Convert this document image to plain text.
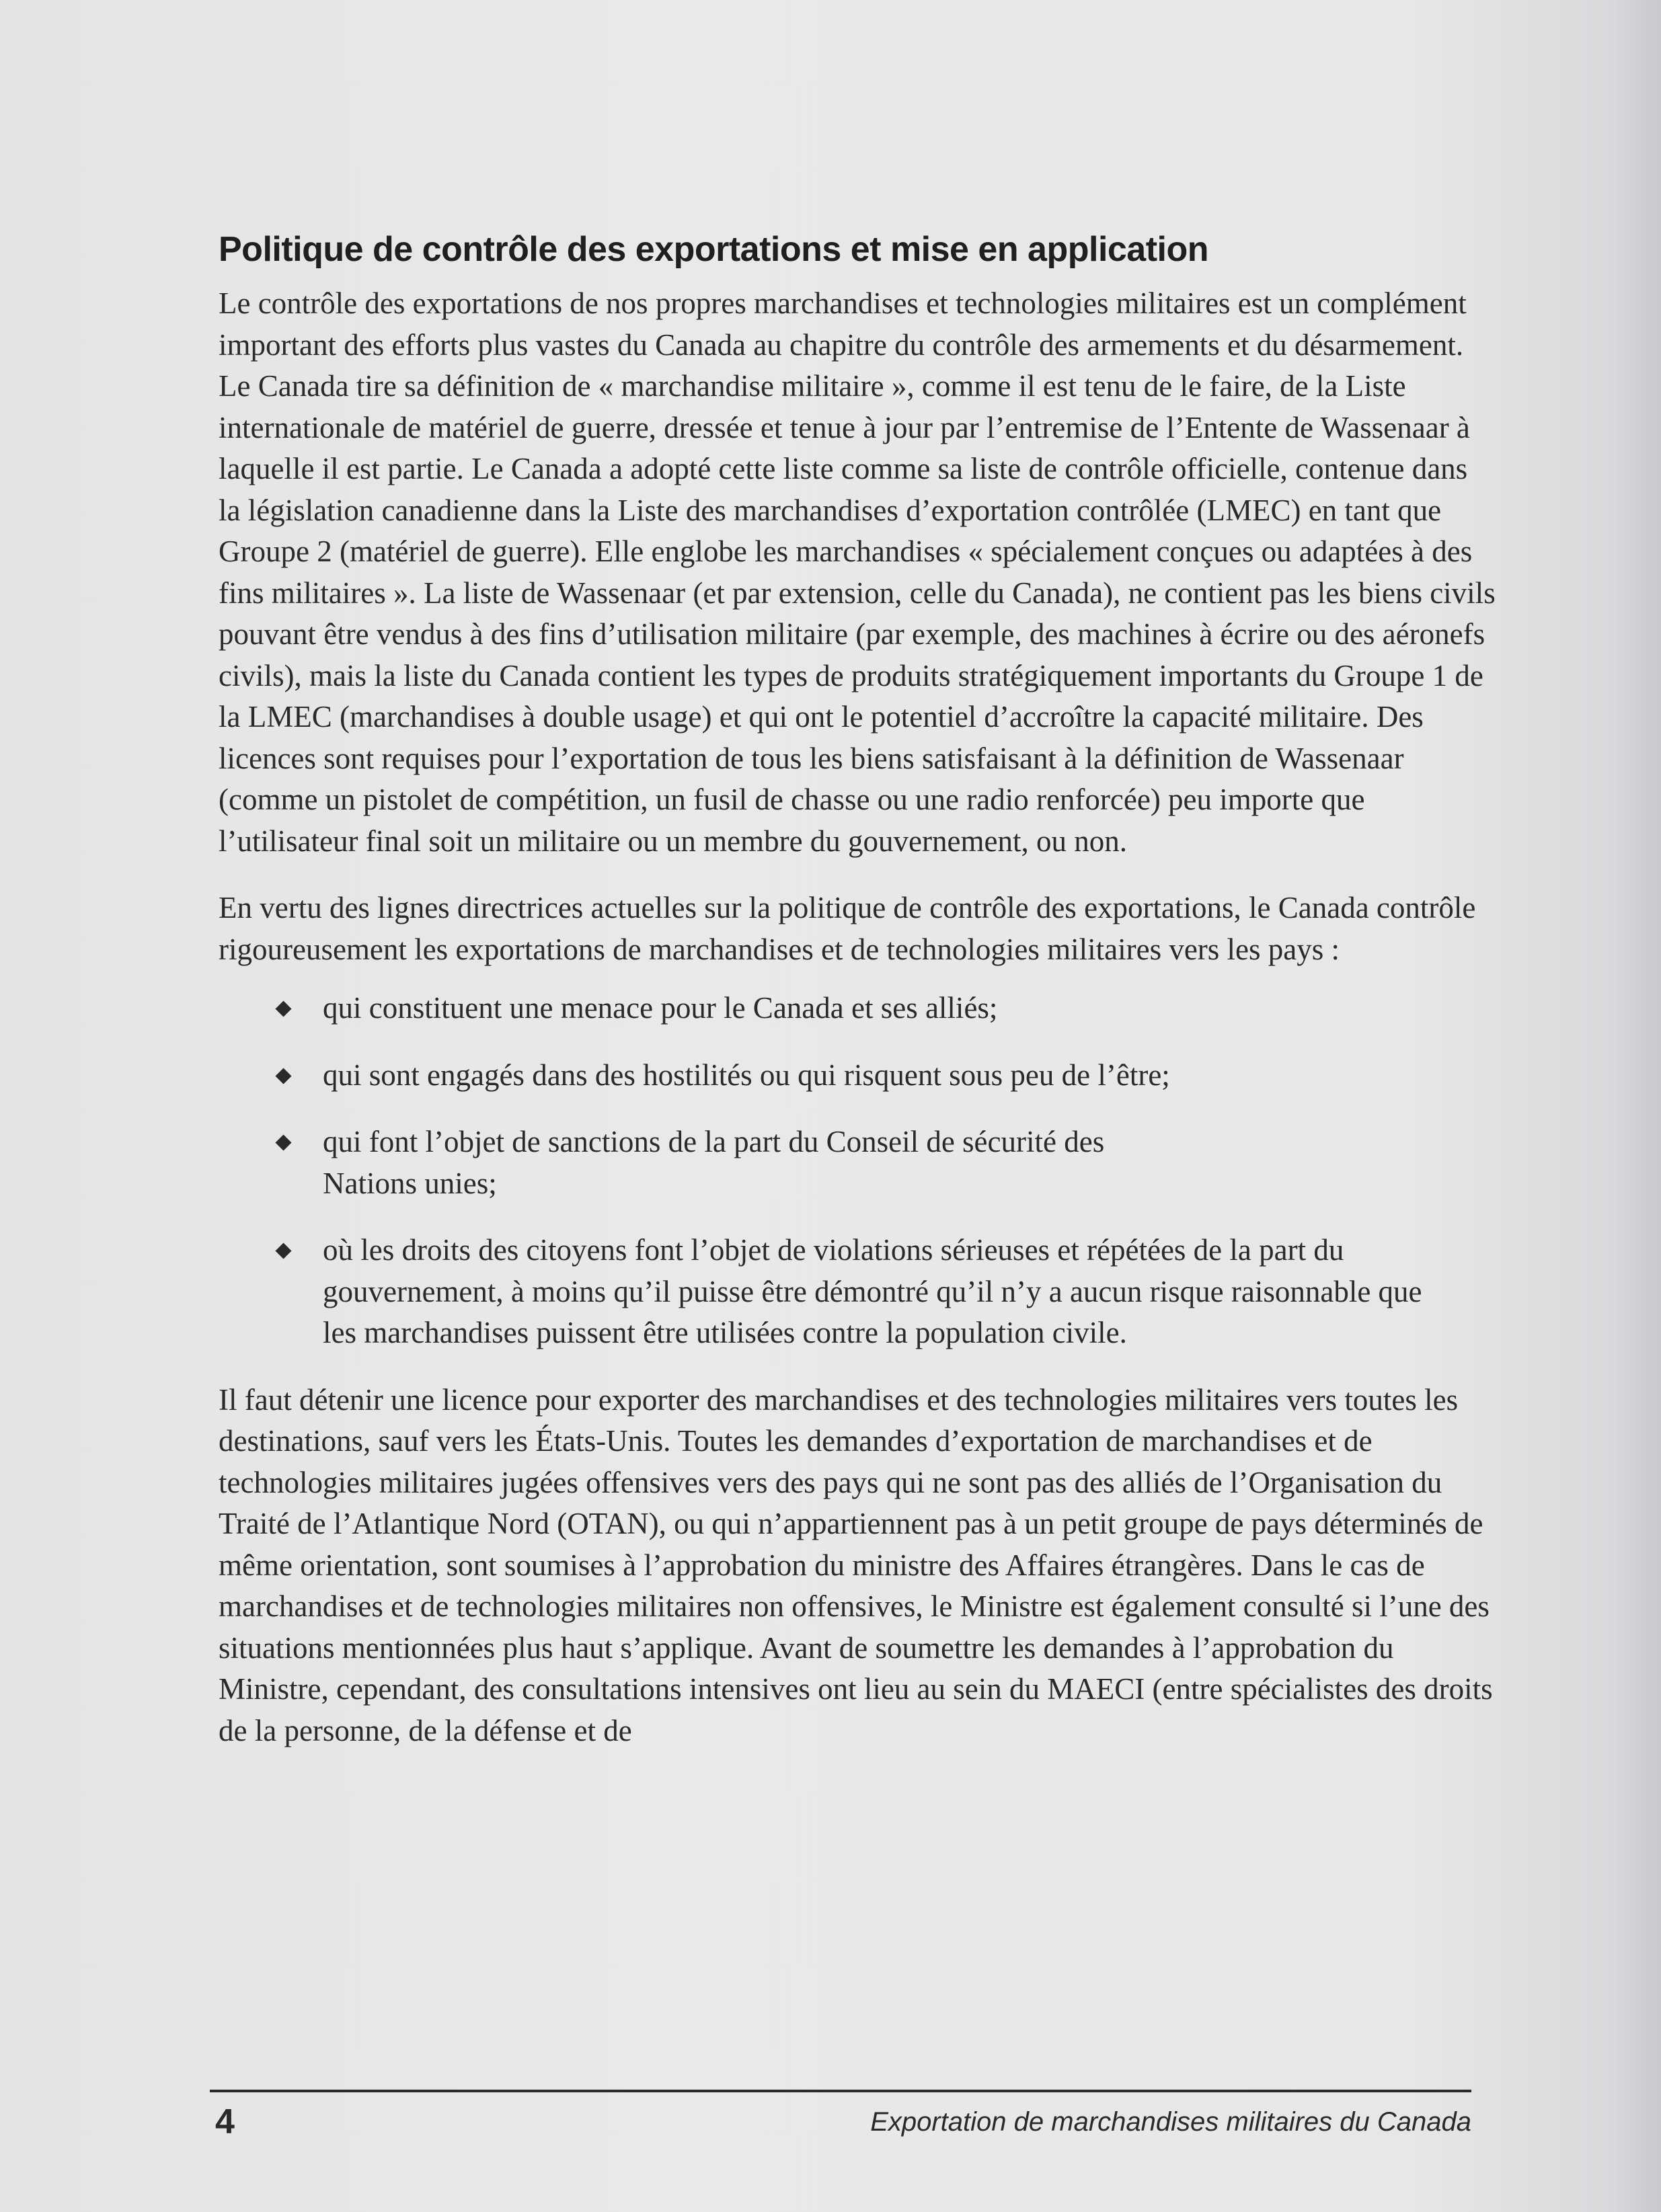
Politique de contrôle des exportations et mise en application

Le contrôle des exportations de nos propres marchandises et technologies militaires est un complément important des efforts plus vastes du Canada au chapitre du contrôle des armements et du désarmement. Le Canada tire sa définition de « marchandise militaire », comme il est tenu de le faire, de la Liste internationale de matériel de guerre, dressée et tenue à jour par l’entremise de l’Entente de Wassenaar à laquelle il est partie. Le Canada a adopté cette liste comme sa liste de contrôle officielle, contenue dans la législation canadienne dans la Liste des marchandises d’exportation contrôlée (LMEC) en tant que Groupe 2 (matériel de guerre). Elle englobe les marchandises « spécialement conçues ou adaptées à des fins militaires ». La liste de Wassenaar (et par extension, celle du Canada), ne contient pas les biens civils pouvant être vendus à des fins d’utilisation militaire (par exemple, des machines à écrire ou des aéronefs civils), mais la liste du Canada contient les types de produits stratégiquement importants du Groupe 1 de la LMEC (marchandises à double usage) et qui ont le potentiel d’accroître la capacité militaire. Des licences sont requises pour l’exportation de tous les biens satisfaisant à la définition de Wassenaar (comme un pistolet de compétition, un fusil de chasse ou une radio renforcée) peu importe que l’utilisateur final soit un militaire ou un membre du gouvernement, ou non.

En vertu des lignes directrices actuelles sur la politique de contrôle des exportations, le Canada contrôle rigoureusement les exportations de marchandises et de technologies militaires vers les pays :

qui constituent une menace pour le Canada et ses alliés;
qui sont engagés dans des hostilités ou qui risquent sous peu de l’être;
qui font l’objet de sanctions de la part du Conseil de sécurité des Nations unies;
où les droits des citoyens font l’objet de violations sérieuses et répétées de la part du gouvernement, à moins qu’il puisse être démontré qu’il n’y a aucun risque raisonnable que les marchandises puissent être utilisées contre la population civile.

Il faut détenir une licence pour exporter des marchandises et des technologies militaires vers toutes les destinations, sauf vers les États-Unis. Toutes les demandes d’exportation de marchandises et de technologies militaires jugées offensives vers des pays qui ne sont pas des alliés de l’Organisation du Traité de l’Atlantique Nord (OTAN), ou qui n’appartiennent pas à un petit groupe de pays déterminés de même orientation, sont soumises à l’approbation du ministre des Affaires étrangères. Dans le cas de marchandises et de technologies militaires non offensives, le Ministre est également consulté si l’une des situations mentionnées plus haut s’applique. Avant de soumettre les demandes à l’approbation du Ministre, cependant, des consultations intensives ont lieu au sein du MAECI (entre spécialistes des droits de la personne, de la défense et de

4	Exportation de marchandises militaires du Canada
